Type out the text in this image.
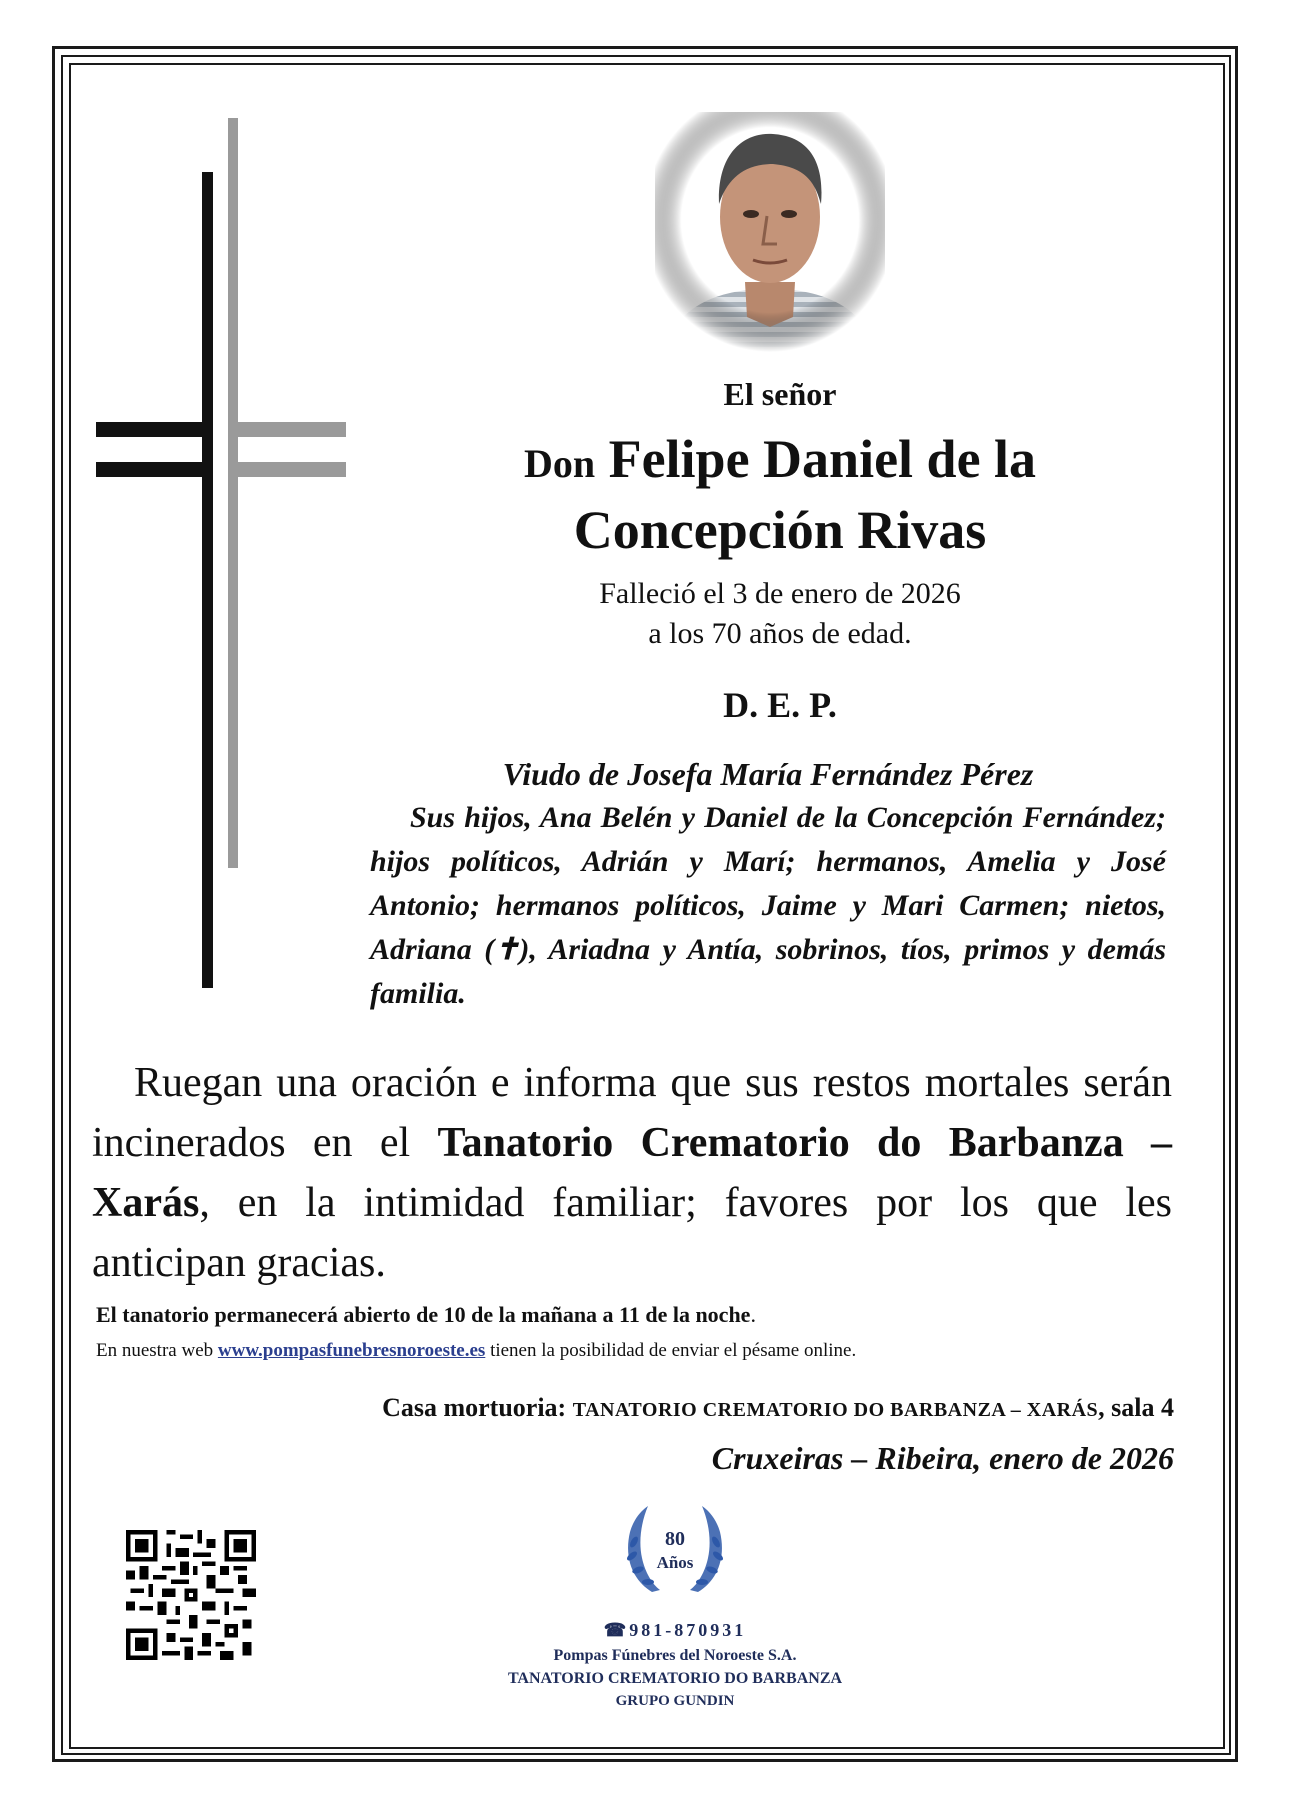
El señor
Don Felipe Daniel de la
Concepción Rivas
Falleció el 3 de enero de 2026
a los 70 años de edad.
D. E. P.
Viudo de Josefa María Fernández Pérez
Sus hijos, Ana Belén y Daniel de la Concepción Fernández; hijos políticos, Adrián y Marí; hermanos, Amelia y José Antonio; hermanos políticos, Jaime y Mari Carmen; nietos, Adriana (✝), Ariadna y Antía, sobrinos, tíos, primos y demás familia.
Ruegan una oración e informa que sus restos mortales serán incinerados en el Tanatorio Crematorio do Barbanza – Xarás, en la intimidad familiar; favores por los que les anticipan gracias.
El tanatorio permanecerá abierto de 10 de la mañana a 11 de la noche.
En nuestra web www.pompasfunebresnoroeste.es tienen la posibilidad de enviar el pésame online.
Casa mortuoria: TANATORIO CREMATORIO DO BARBANZA – XARÁS, sala 4
Cruxeiras – Ribeira, enero de 2026
80
Años
☎981-870931
Pompas Fúnebres del Noroeste S.A.
TANATORIO CREMATORIO DO BARBANZA
GRUPO GUNDIN
